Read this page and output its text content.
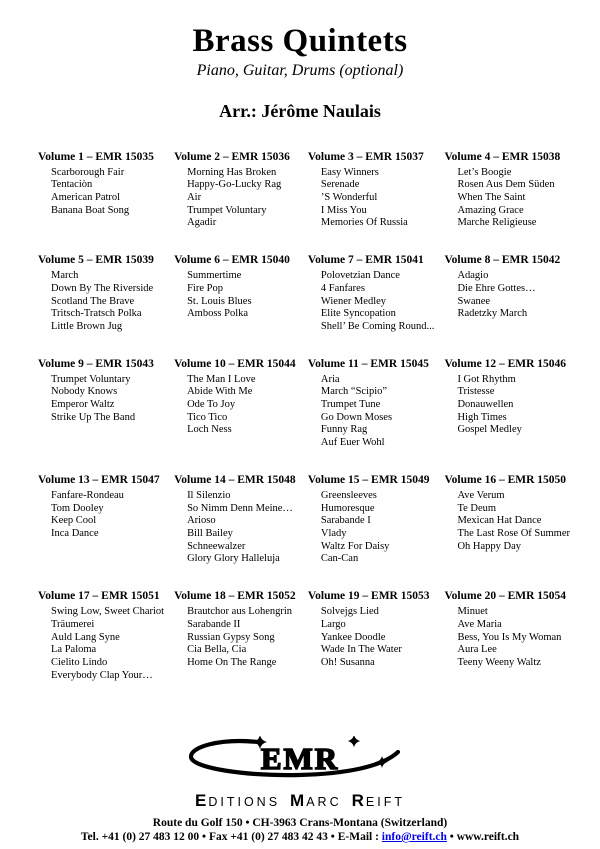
Brass Quintets
Piano, Guitar, Drums (optional)
Arr.: Jérôme Naulais
Volume 1 – EMR 15035
Scarborough Fair
Tentaciòn
American Patrol
Banana Boat Song
Volume 2 – EMR 15036
Morning Has Broken
Happy-Go-Lucky Rag
Air
Trumpet Voluntary
Agadir
Volume 3 – EMR 15037
Easy Winners
Serenade
’S Wonderful
I Miss You
Memories Of Russia
Volume 4 – EMR 15038
Let’s Boogie
Rosen Aus Dem Süden
When The Saint
Amazing Grace
Marche Religieuse
Volume 5 – EMR 15039
March
Down By The Riverside
Scotland The Brave
Tritsch-Tratsch Polka
Little Brown Jug
Volume 6 – EMR 15040
Summertime
Fire Pop
St. Louis Blues
Amboss Polka
Volume 7 – EMR 15041
Polovetzian Dance
4 Fanfares
Wiener Medley
Elite Syncopation
Shell’ Be Coming Round...
Volume 8 – EMR 15042
Adagio
Die Ehre Gottes…
Swanee
Radetzky March
Volume 9 – EMR 15043
Trumpet Voluntary
Nobody Knows
Emperor Waltz
Strike Up The Band
Volume 10 – EMR 15044
The Man I Love
Abide With Me
Ode To Joy
Tico Tico
Loch Ness
Volume 11 – EMR 15045
Aria
March “Scipio”
Trumpet Tune
Go Down Moses
Funny Rag
Auf Euer Wohl
Volume 12 – EMR 15046
I Got Rhythm
Tristesse
Donauwellen
High Times
Gospel Medley
Volume 13 – EMR 15047
Fanfare-Rondeau
Tom Dooley
Keep Cool
Inca Dance
Volume 14 – EMR 15048
Il Silenzio
So Nimm Denn Meine…
Arioso
Bill Bailey
Schneewalzer
Glory Glory Halleluja
Volume 15 – EMR 15049
Greensleeves
Humoresque
Sarabande I
Vlady
Waltz For Daisy
Can-Can
Volume 16 – EMR 15050
Ave Verum
Te Deum
Mexican Hat Dance
The Last Rose Of Summer
Oh Happy Day
Volume 17 – EMR 15051
Swing Low, Sweet Chariot
Träumerei
Auld Lang Syne
La Paloma
Cielito Lindo
Everybody Clap Your…
Volume 18 – EMR 15052
Brautchor aus Lohengrin
Sarabande II
Russian Gypsy Song
Cia Bella, Cia
Home On The Range
Volume 19 – EMR 15053
Solvejgs Lied
Largo
Yankee Doodle
Wade In The Water
Oh! Susanna
Volume 20 – EMR 15054
Minuet
Ave Maria
Bess, You Is My Woman
Aura Lee
Teeny Weeny Waltz
EMR
EDITIONS MARC REIFT
Route du Golf 150 • CH-3963 Crans-Montana (Switzerland)
Tel. +41 (0) 27 483 12 00 • Fax +41 (0) 27 483 42 43 • E-Mail : info@reift.ch • www.reift.ch
